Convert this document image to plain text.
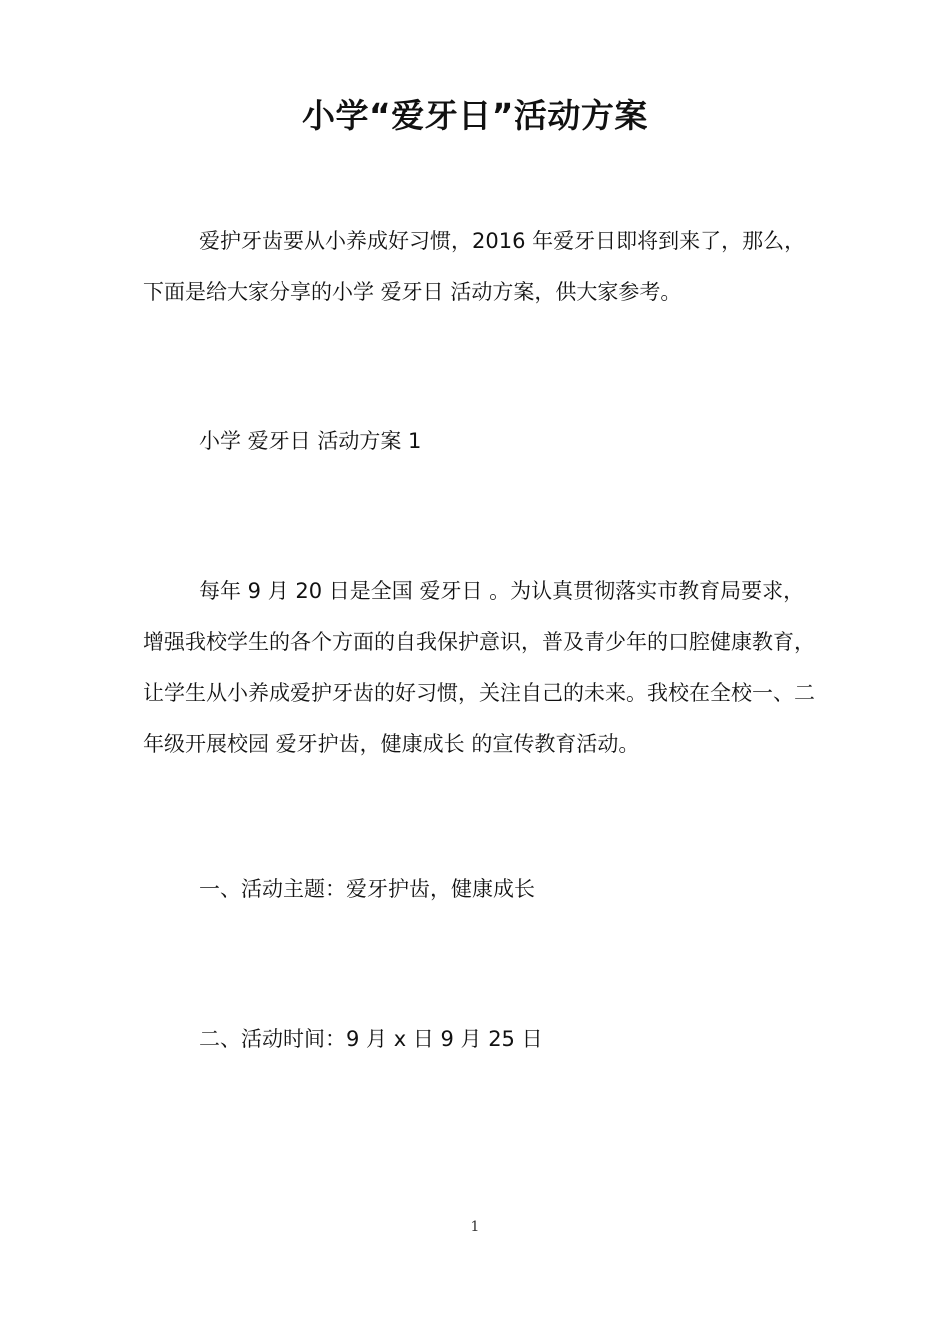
小学“爱牙日”活动方案

爱护牙齿要从小养成好习惯，2016 年爱牙日即将到来了，那么，下面是给大家分享的小学 爱牙日 活动方案，供大家参考。

小学 爱牙日 活动方案 1

每年 9 月 20 日是全国 爱牙日 。为认真贯彻落实市教育局要求，增强我校学生的各个方面的自我保护意识，普及青少年的口腔健康教育，让学生从小养成爱护牙齿的好习惯，关注自己的未来。我校在全校一、二年级开展校园 爱牙护齿，健康成长 的宣传教育活动。

一、活动主题：爱牙护齿，健康成长

二、活动时间：9 月 x 日 9 月 25 日

1
